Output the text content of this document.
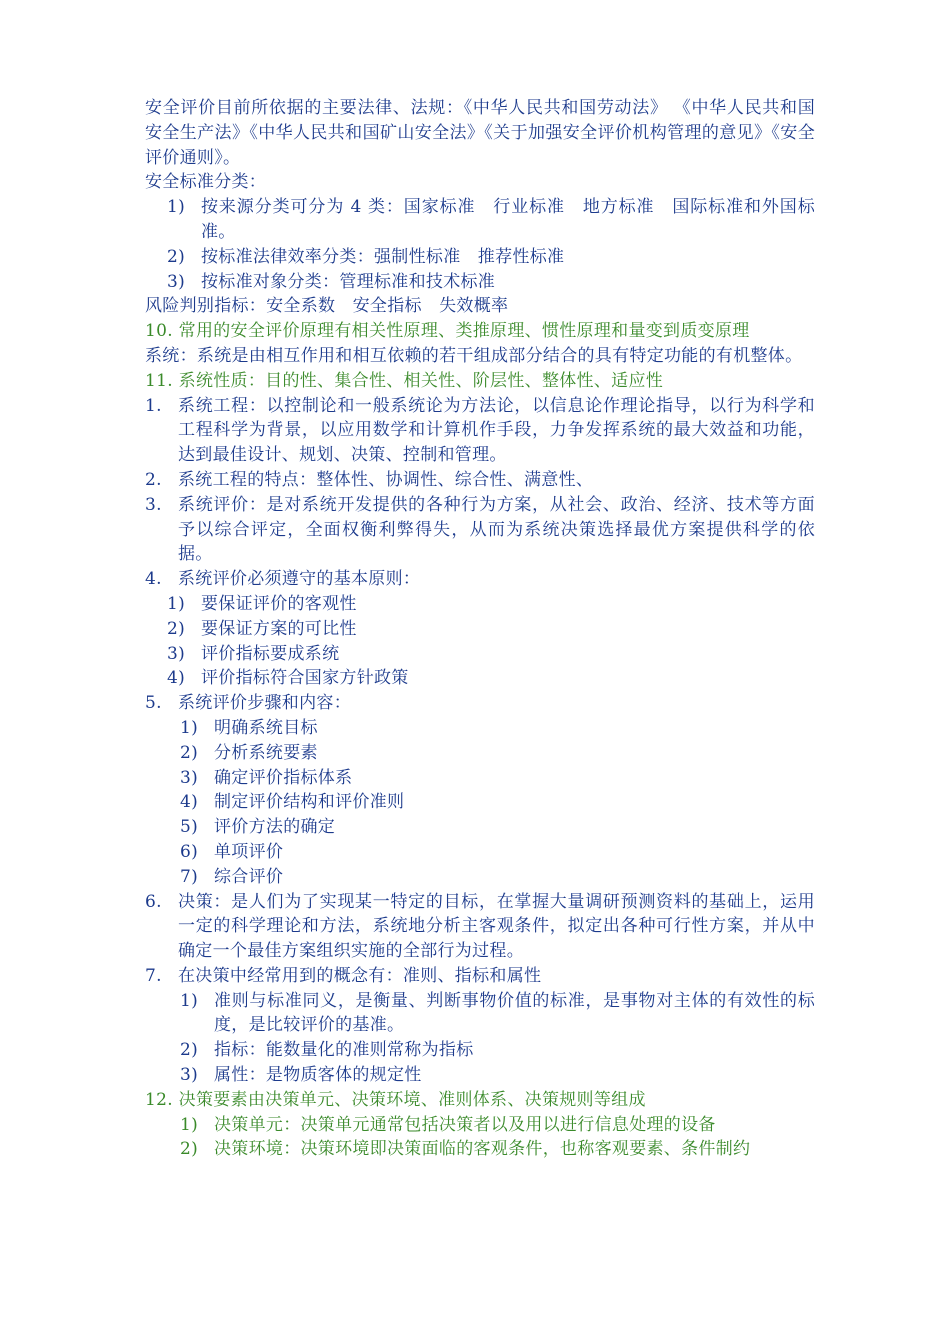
安全评价目前所依据的主要法律、法规：《中华人民共和国劳动法》 《中华人民共和国安全生产法》《中华人民共和国矿山安全法》《关于加强安全评价机构管理的意见》《安全评价通则》。

安全标准分类：

1) 按来源分类可分为 4 类：国家标准　行业标准　地方标准　国际标准和外国标准。
2) 按标准法律效率分类：强制性标准　推荐性标准
3) 按标准对象分类：管理标准和技术标准

风险判别指标：安全系数　安全指标　失效概率

10. 常用的安全评价原理有相关性原理、类推原理、惯性原理和量变到质变原理

系统：系统是由相互作用和相互依赖的若干组成部分结合的具有特定功能的有机整体。

11. 系统性质：目的性、集合性、相关性、阶层性、整体性、适应性

1. 系统工程：以控制论和一般系统论为方法论，以信息论作理论指导，以行为科学和工程科学为背景，以应用数学和计算机作手段，力争发挥系统的最大效益和功能，达到最佳设计、规划、决策、控制和管理。
2. 系统工程的特点：整体性、协调性、综合性、满意性、
3. 系统评价：是对系统开发提供的各种行为方案，从社会、政治、经济、技术等方面予以综合评定，全面权衡利弊得失，从而为系统决策选择最优方案提供科学的依据。
4. 系统评价必须遵守的基本原则：
1) 要保证评价的客观性
2) 要保证方案的可比性
3) 评价指标要成系统
4) 评价指标符合国家方针政策
5. 系统评价步骤和内容：
1) 明确系统目标
2) 分析系统要素
3) 确定评价指标体系
4) 制定评价结构和评价准则
5) 评价方法的确定
6) 单项评价
7) 综合评价
6. 决策：是人们为了实现某一特定的目标，在掌握大量调研预测资料的基础上，运用一定的科学理论和方法，系统地分析主客观条件，拟定出各种可行性方案，并从中确定一个最佳方案组织实施的全部行为过程。
7. 在决策中经常用到的概念有：准则、指标和属性
1) 准则与标准同义，是衡量、判断事物价值的标准，是事物对主体的有效性的标度，是比较评价的基准。
2) 指标：能数量化的准则常称为指标
3) 属性：是物质客体的规定性

12. 决策要素由决策单元、决策环境、准则体系、决策规则等组成

1) 决策单元：决策单元通常包括决策者以及用以进行信息处理的设备
2) 决策环境：决策环境即决策面临的客观条件，也称客观要素、条件制约
